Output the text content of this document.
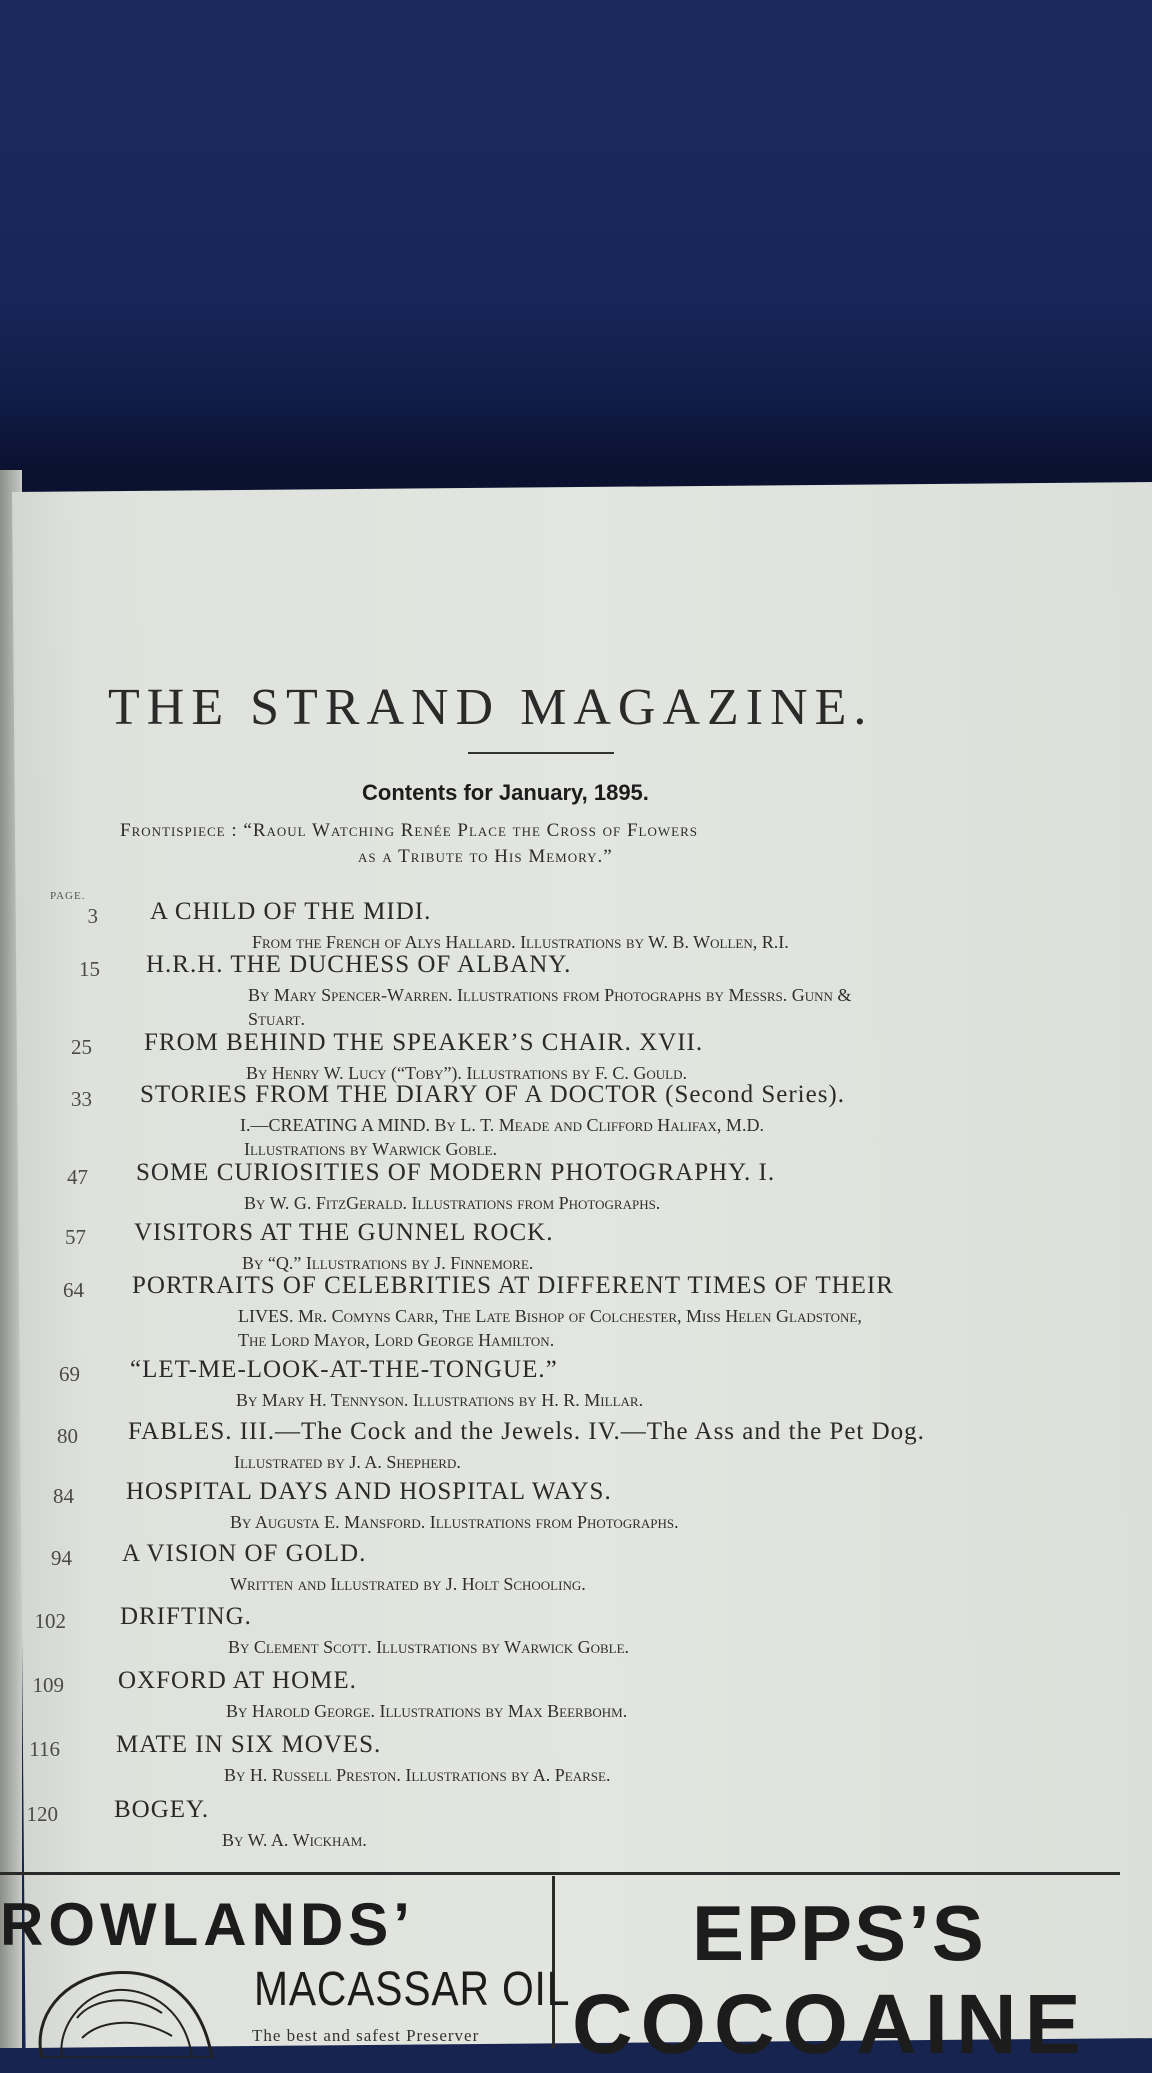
THE STRAND MAGAZINE.
Contents for January, 1895.
Frontispiece : “Raoul Watching Renée Place the Cross of Flowers
as a Tribute to His Memory.”
PAGE.
3 A CHILD OF THE MIDI.
From the French of Alys Hallard. Illustrations by W. B. Wollen, R.I.
15 H.R.H. THE DUCHESS OF ALBANY.
By Mary Spencer-Warren. Illustrations from Photographs by Messrs. Gunn &
Stuart.
25 FROM BEHIND THE SPEAKER’S CHAIR. XVII.
By Henry W. Lucy (“Toby”). Illustrations by F. C. Gould.
33 STORIES FROM THE DIARY OF A DOCTOR (Second Series).
I.—CREATING A MIND. By L. T. Meade and Clifford Halifax, M.D.
Illustrations by Warwick Goble.
47 SOME CURIOSITIES OF MODERN PHOTOGRAPHY. I.
By W. G. FitzGerald. Illustrations from Photographs.
57 VISITORS AT THE GUNNEL ROCK.
By “Q.” Illustrations by J. Finnemore.
64 PORTRAITS OF CELEBRITIES AT DIFFERENT TIMES OF THEIR
LIVES. Mr. Comyns Carr, The Late Bishop of Colchester, Miss Helen Gladstone,
The Lord Mayor, Lord George Hamilton.
69 “LET-ME-LOOK-AT-THE-TONGUE.”
By Mary H. Tennyson. Illustrations by H. R. Millar.
80 FABLES. III.—The Cock and the Jewels. IV.—The Ass and the Pet Dog.
Illustrated by J. A. Shepherd.
84 HOSPITAL DAYS AND HOSPITAL WAYS.
By Augusta E. Mansford. Illustrations from Photographs.
94 A VISION OF GOLD.
Written and Illustrated by J. Holt Schooling.
102 DRIFTING.
By Clement Scott. Illustrations by Warwick Goble.
109 OXFORD AT HOME.
By Harold George. Illustrations by Max Beerbohm.
116 MATE IN SIX MOVES.
By H. Russell Preston. Illustrations by A. Pearse.
120 BOGEY.
By W. A. Wickham.
ROWLANDS’
MACASSAR OIL
The best and safest Preserver
EPPS’S
COCOAINE
